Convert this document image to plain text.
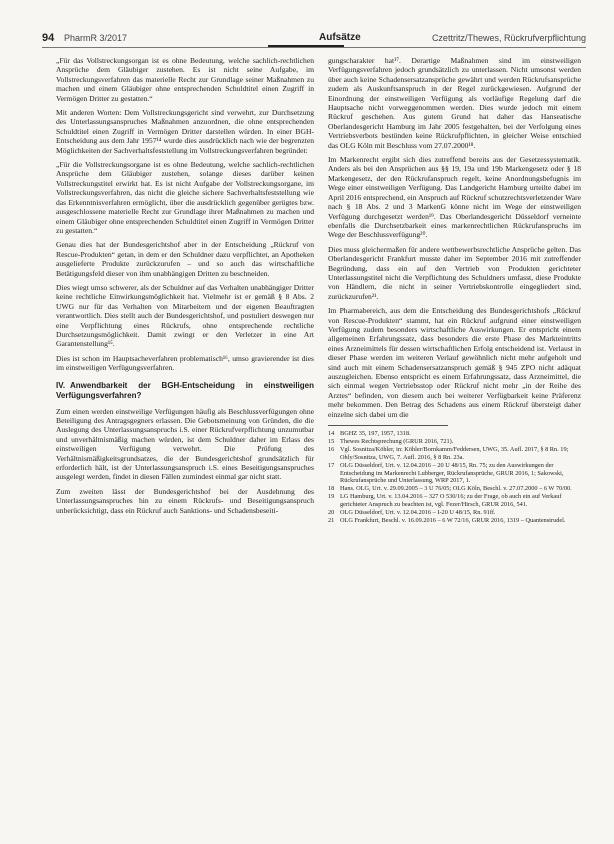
94 PharmR 3/2017	Aufsätze	Czettritz/Thewes, Rückrufverpflichtung

„Für das Vollstreckungsorgan ist es ohne Bedeutung, welche sachlich-rechtlichen Ansprüche dem Gläubiger zustehen. Es ist nicht seine Aufgabe, im Vollstreckungsverfahren das materielle Recht zur Grundlage seiner Maßnahmen zu machen und einem Gläubiger ohne entsprechenden Schuldtitel einen Zugriff in Vermögen Dritter zu gestatten.“

Mit anderen Worten: Dem Vollstreckungsgericht sind verwehrt, zur Durchsetzung des Unterlassungsanspruches Maßnahmen anzuordnen, die ohne entsprechenden Schuldtitel einen Zugriff in Vermögen Dritter darstellen würden. In einer BGH-Entscheidung aus dem Jahr 1957¹⁴ wurde dies ausdrücklich nach wie der begrenzten Möglichkeiten der Sachverhaltsfeststellung im Vollstreckungsverfahren begründet:

„Für die Vollstreckungsorgane ist es ohne Bedeutung, welche sachlich-rechtlichen Ansprüche dem Gläubiger zustehen, solange dieses darüber keinen Vollstreckungstitel erwirkt hat. Es ist nicht Aufgabe der Vollstreckungsorgane, im Vollstreckungsverfahren, das nicht die gleiche sichere Sachverhaltsfeststellung wie das Erkenntnisverfahren ermöglicht, über die ausdrücklich gegenüber gerügtes bzw. ausgeschlossene materielle Recht zur Grundlage ihrer Maßnahmen zu machen und einem Gläubiger ohne entsprechenden Schuldtitel einen Zugriff in Vermögen Dritter zu gestatten.“

Genau dies hat der Bundesgerichtshof aber in der Entscheidung „Rückruf von Rescue-Produkten“ getan, in dem er den Schuldner dazu verpflichtet, an Apotheken ausgelieferte Produkte zurückzurufen – und so auch das wirtschaftliche Betätigungsfeld dieser von ihm unabhängigen Dritten zu beschneiden.

Dies wiegt umso schwerer, als der Schuldner auf das Verhalten unabhängiger Dritter keine rechtliche Einwirkungsmöglichkeit hat. Vielmehr ist er gemäß § 8 Abs. 2 UWG nur für das Verhalten von Mitarbeitern und der eigenen Beauftragten verantwortlich. Dies stellt auch der Bundesgerichtshof, und postuliert deswegen nur eine Verpflichtung eines Rückrufs, ohne entsprechende rechtliche Durchsetzungsmöglichkeit. Damit zwingt er den Verletzer in eine Art Garantenstellung¹⁵.

Dies ist schon im Hauptsacheverfahren problematisch¹⁶, umso gravierender ist dies im einstweiligen Verfügungsverfahren.

IV. Anwendbarkeit der BGH-Entscheidung in einstweiligen Verfügungsverfahren?

Zum einen werden einstweilige Verfügungen häufig als Beschlussverfügungen ohne Beteiligung des Antragsgegners erlassen. Die Gebotsmeinung von Gründen, die die Auslegung des Unterlassungsanspruchs i.S. einer Rückrufverpflichtung unzumutbar und unverhältnismäßig machen würden, ist dem Schuldner daher im Erlass des einstweiligen Verfügung verwehrt. Die Prüfung des Verhältnismäßigkeitsgrundsatzes, die der Bundesgerichtshof grundsätzlich für erforderlich hält, ist der Unterlassungsanspruch i.S. eines Beseitigungsanspruches ausgelegt werden, findet in diesen Fällen zumindest einmal gar nicht statt.

Zum zweiten lässt der Bundesgerichtshof bei der Ausdehnung des Unterlassungsanspruches hin zu einem Rückrufs- und Beseitigungsanspruch unberücksichtigt, dass ein Rückruf auch Sanktions- und Schadensbeseiti-

gungscharakter hat¹⁷. Derartige Maßnahmen sind im einstweiligen Verfügungsverfahren jedoch grundsätzlich zu unterlassen. Nicht umsonst werden über auch keine Schadensersatzansprüche gewährt und werden Rückrufsansprüche zudem als Auskunftsanspruch in der Regel zurückgewiesen. Aufgrund der Einordnung der einstweiligen Verfügung als vorläufige Regelung darf die Hauptsache nicht vorweggenommen werden. Dies wurde jedoch mit einem Rückruf geschehen. Aus gutem Grund hat daher das Hanseatische Oberlandesgericht Hamburg im Jahr 2005 festgehalten, bei der Verfolgung eines Vertriebsverbots bestünden keine Rückrufpflichten, in gleicher Weise entschied das OLG Köln mit Beschluss vom 27.07.2000¹⁸.

Im Markenrecht ergibt sich dies zutreffend bereits aus der Gesetzessystematik. Anders als bei den Ansprüchen aus §§ 19, 19a und 19b Markengesetz oder § 18 Markengesetz, der den Rückrufanspruch regelt, keine Anordnungsbefugnis im Wege einer einstweiligen Verfügung. Das Landgericht Hamburg urteilte dabei im April 2016 entsprechend, ein Anspruch auf Rückruf schutzrechtsverletzender Ware nach § 18 Abs. 2 und 3 MarkenG könne nicht im Wege der einstweiligen Verfügung durchgesetzt werden¹⁹. Das Oberlandesgericht Düsseldorf verneinte ebenfalls die Durchsetzbarkeit eines markenrechtlichen Rückrufanspruchs im Wege der Beschlussverfügung²⁰.

Dies muss gleichermaßen für andere wettbewerbsrechtliche Ansprüche gelten. Das Oberlandesgericht Frankfurt musste daher im September 2016 mit zutreffender Begründung, dass ein auf den Vertrieb von Produkten gerichteter Unterlassungstitel nicht die Verpflichtung des Schuldners umfasst, diese Produkte von Händlern, die nicht in seiner Vertriebskontrolle eingegliedert sind, zurückzurufen²¹.

Im Pharmabereich, aus dem die Entscheidung des Bundesgerichtshofs „Rückruf von Rescue-Produkten“ stammt, hat ein Rückruf aufgrund einer einstweiligen Verfügung zudem besonders wirtschaftliche Auswirkungen. Er entspricht einem allgemeinen Erfahrungssatz, dass besonders die erste Phase des Markteintritts eines Arzneimittels für dessen wirtschaftlichen Erfolg entscheidend ist. Verlaust in dieser Phase werden im weiteren Verlauf gewöhnlich nicht mehr aufgeholt und sind auch mit einem Schadensersatzanspruch gemäß § 945 ZPO nicht adäquat auszugleichen. Ebenso entspricht es einem Erfahrungssatz, dass Arzneimittel, die sich einmal wegen Vertriebsstop oder Rückruf nicht mehr „in der Reihe des Arztes“ befinden, von diesem auch bei weiterer Verfügbarkeit keine Präferenz mehr bekommen. Den Betrag des Schadens aus einem Rückruf übersteigt daher einzelne sich dabei um die

14 BGHZ 35, 197, 1957, 1318.
15 Thewes Rechtsprechung (GRUR 2016, 721).
16 Vgl. Sosnitza/Köhler, in: Köhler/Bornkamm/Feddersen, UWG, 35. Aufl. 2017, § 8 Rn. 19; Ohly/Sosnitza, UWG, 7. Aufl. 2016, § 8 Rn. 23a.
17 OLG Düsseldorf, Urt. v. 12.04.2016 – 20 U 48/15, Rn. 75; zu den Auswirkungen der Entscheidung im Markenrecht Lubberger, Rückrufansprüche, GRUR 2016, 1; Sakowski, Rückrufansprüche und Unterlassung, WRP 2017, 1.
18 Hans. OLG, Urt. v. 29.09.2005 – 3 U 76/05; OLG Köln, Beschl. v. 27.07.2000 – 6 W 70/00.
19 LG Hamburg, Urt. v. 13.04.2016 – 327 O 530/16; zu der Frage, ob auch ein auf Verkauf gerichteter Anspruch zu beachten ist, vgl. Fezer/Hirsch, GRUR 2016, 541.
20 OLG Düsseldorf, Urt. v. 12.04.2016 – I-20 U 48/15, Rn. 91ff.
21 OLG Frankfurt, Beschl. v. 16.09.2016 – 6 W 72/16, GRUR 2016, 1319 – Quantenstrudel.
